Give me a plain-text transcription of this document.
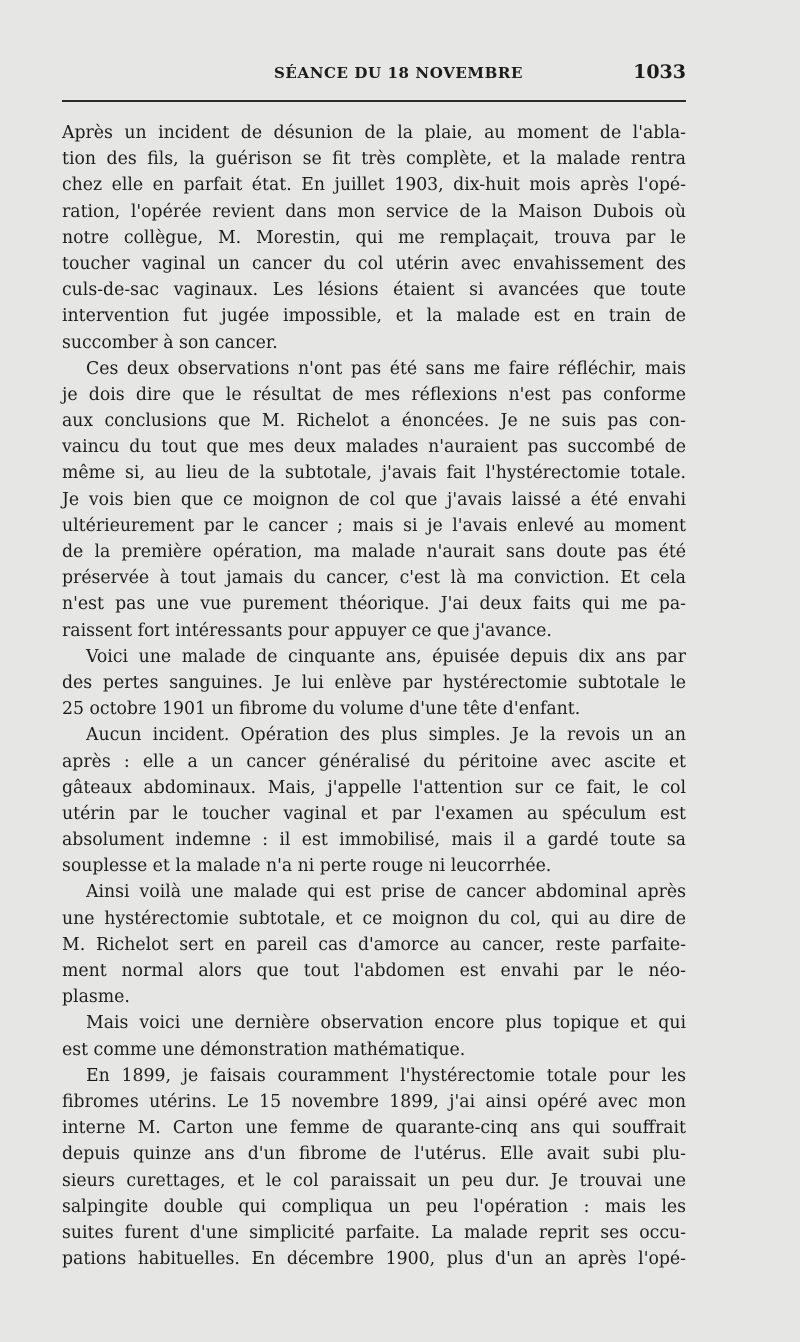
SÉANCE DU 18 NOVEMBRE	1033
Après un incident de désunion de la plaie, au moment de l'abla-
tion des fils, la guérison se fit très complète, et la malade rentra
chez elle en parfait état. En juillet 1903, dix-huit mois après l'opé-
ration, l'opérée revient dans mon service de la Maison Dubois où
notre collègue, M. Morestin, qui me remplaçait, trouva par le
toucher vaginal un cancer du col utérin avec envahissement des
culs-de-sac vaginaux. Les lésions étaient si avancées que toute
intervention fut jugée impossible, et la malade est en train de
succomber à son cancer.
Ces deux observations n'ont pas été sans me faire réfléchir, mais
je dois dire que le résultat de mes réflexions n'est pas conforme
aux conclusions que M. Richelot a énoncées. Je ne suis pas con-
vaincu du tout que mes deux malades n'auraient pas succombé de
même si, au lieu de la subtotale, j'avais fait l'hystérectomie totale.
Je vois bien que ce moignon de col que j'avais laissé a été envahi
ultérieurement par le cancer ; mais si je l'avais enlevé au moment
de la première opération, ma malade n'aurait sans doute pas été
préservée à tout jamais du cancer, c'est là ma conviction. Et cela
n'est pas une vue purement théorique. J'ai deux faits qui me pa-
raissent fort intéressants pour appuyer ce que j'avance.
Voici une malade de cinquante ans, épuisée depuis dix ans par
des pertes sanguines. Je lui enlève par hystérectomie subtotale le
25 octobre 1901 un fibrome du volume d'une tête d'enfant.
Aucun incident. Opération des plus simples. Je la revois un an
après : elle a un cancer généralisé du péritoine avec ascite et
gâteaux abdominaux. Mais, j'appelle l'attention sur ce fait, le col
utérin par le toucher vaginal et par l'examen au spéculum est
absolument indemne : il est immobilisé, mais il a gardé toute sa
souplesse et la malade n'a ni perte rouge ni leucorrhée.
Ainsi voilà une malade qui est prise de cancer abdominal après
une hystérectomie subtotale, et ce moignon du col, qui au dire de
M. Richelot sert en pareil cas d'amorce au cancer, reste parfaite-
ment normal alors que tout l'abdomen est envahi par le néo-
plasme.
Mais voici une dernière observation encore plus topique et qui
est comme une démonstration mathématique.
En 1899, je faisais couramment l'hystérectomie totale pour les
fibromes utérins. Le 15 novembre 1899, j'ai ainsi opéré avec mon
interne M. Carton une femme de quarante-cinq ans qui souffrait
depuis quinze ans d'un fibrome de l'utérus. Elle avait subi plu-
sieurs curettages, et le col paraissait un peu dur. Je trouvai une
salpingite double qui compliqua un peu l'opération : mais les
suites furent d'une simplicité parfaite. La malade reprit ses occu-
pations habituelles. En décembre 1900, plus d'un an après l'opé-
